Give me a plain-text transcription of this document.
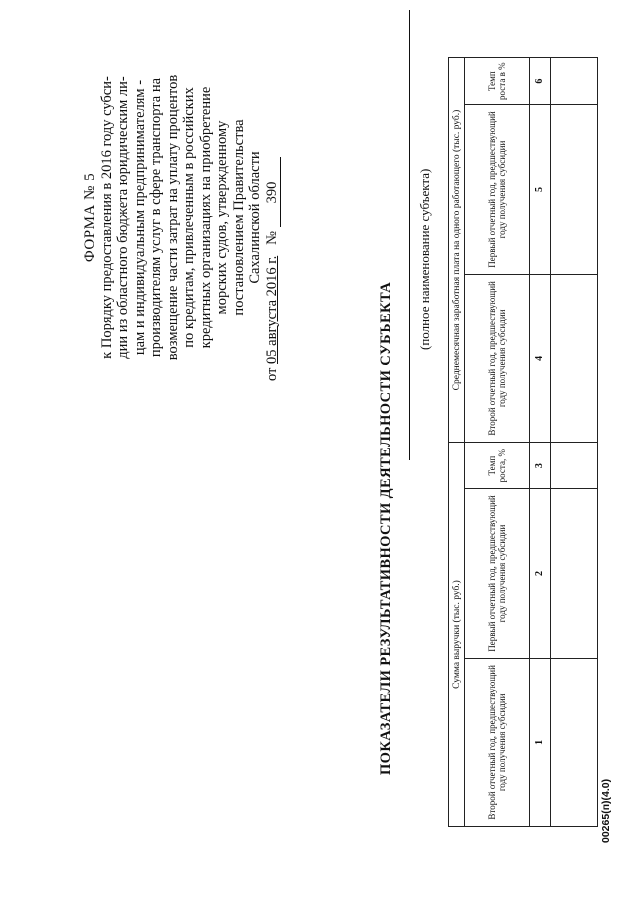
ФОРМА № 5 к Порядку предоставления в 2016 году субси- дии из областного бюджета юридическим ли- цам и индивидуальным предпринимателям - производителям услуг в сфере транспорта на возмещение части затрат на уплату процентов по кредитам, привлеченным в российских кредитных организациях на приобретение морских судов, утвержденному постановлением Правительства Сахалинской области
от 05 августа 2016 г.   № 390
ПОКАЗАТЕЛИ РЕЗУЛЬТАТИВНОСТИ ДЕЯТЕЛЬНОСТИ СУБЪЕКТА
(полное наименование субъекта)
Сумма выручки (тыс. руб.)			Среднемесячная заработная плата на одного работающего (тыс. руб.)		
Второй отчетный год, предшествующий году получения субсидии	Первый отчетный год, предшествующий году получения субсидии	Темп роста, %	Второй отчетный год, предшествующий году получения субсидии	Первый отчетный год, предшествующий году получения субсидии	Темп роста в %
1	2	3	4	5	6

00265(п)(4.0)
